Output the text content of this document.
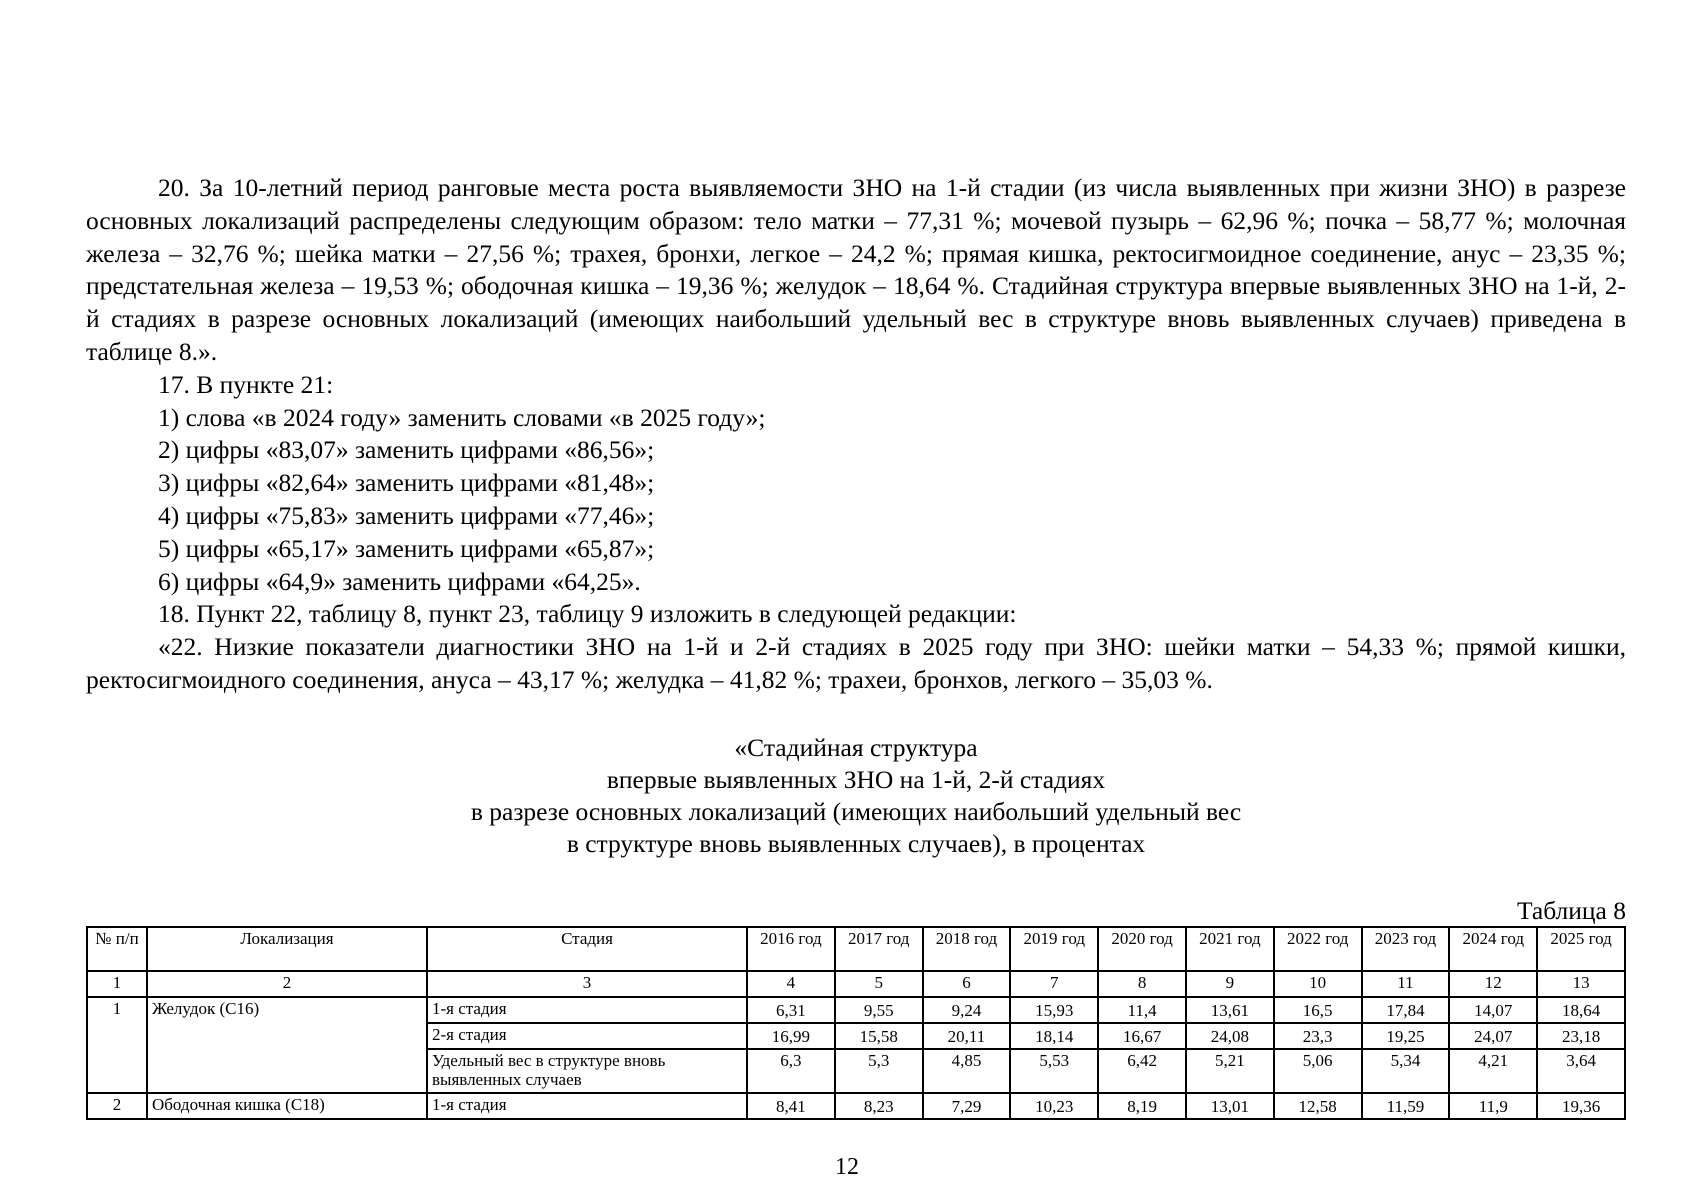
20. За 10-летний период ранговые места роста выявляемости ЗНО на 1-й стадии (из числа выявленных при жизни ЗНО) в разрезе основных локализаций распределены следующим образом: тело матки – 77,31 %; мочевой пузырь – 62,96 %; почка – 58,77 %; молочная железа – 32,76 %; шейка матки – 27,56 %; трахея, бронхи, легкое – 24,2 %; прямая кишка, ректосигмоидное соединение, анус – 23,35 %; предстательная железа – 19,53 %; ободочная кишка – 19,36 %; желудок – 18,64 %. Стадийная структура впервые выявленных ЗНО на 1-й, 2-й стадиях в разрезе основных локализаций (имеющих наибольший удельный вес в структуре вновь выявленных случаев) приведена в таблице 8.».

17. В пункте 21:

1) слова «в 2024 году» заменить словами «в 2025 году»;

2) цифры «83,07» заменить цифрами «86,56»;

3) цифры «82,64» заменить цифрами «81,48»;

4) цифры «75,83» заменить цифрами «77,46»;

5) цифры «65,17» заменить цифрами «65,87»;

6) цифры «64,9» заменить цифрами «64,25».

18. Пункт 22, таблицу 8, пункт 23, таблицу 9 изложить в следующей редакции:

«22. Низкие показатели диагностики ЗНО на 1-й и 2-й стадиях в 2025 году при ЗНО: шейки матки – 54,33 %; прямой кишки, ректосигмоидного соединения, ануса – 43,17 %; желудка – 41,82 %; трахеи, бронхов, легкого – 35,03 %.

«Стадийная структура
впервые выявленных ЗНО на 1-й, 2-й стадиях
в разрезе основных локализаций (имеющих наибольший удельный вес
в структуре вновь выявленных случаев), в процентах
Таблица 8
№ п/п	Локализация	Стадия	2016 год	2017 год	2018 год	2019 год	2020 год	2021 год	2022 год	2023 год	2024 год	2025 год
1	2	3	4	5	6	7	8	9	10	11	12	13
1	Желудок (C16)	1-я стадия	6,31	9,55	9,24	15,93	11,4	13,61	16,5	17,84	14,07	18,64
		2-я стадия	16,99	15,58	20,11	18,14	16,67	24,08	23,3	19,25	24,07	23,18
		Удельный вес в структуре вновь выявленных случаев	6,3	5,3	4,85	5,53	6,42	5,21	5,06	5,34	4,21	3,64
2	Ободочная кишка (C18)	1-я стадия	8,41	8,23	7,29	10,23	8,19	13,01	12,58	11,59	11,9	19,36
12
